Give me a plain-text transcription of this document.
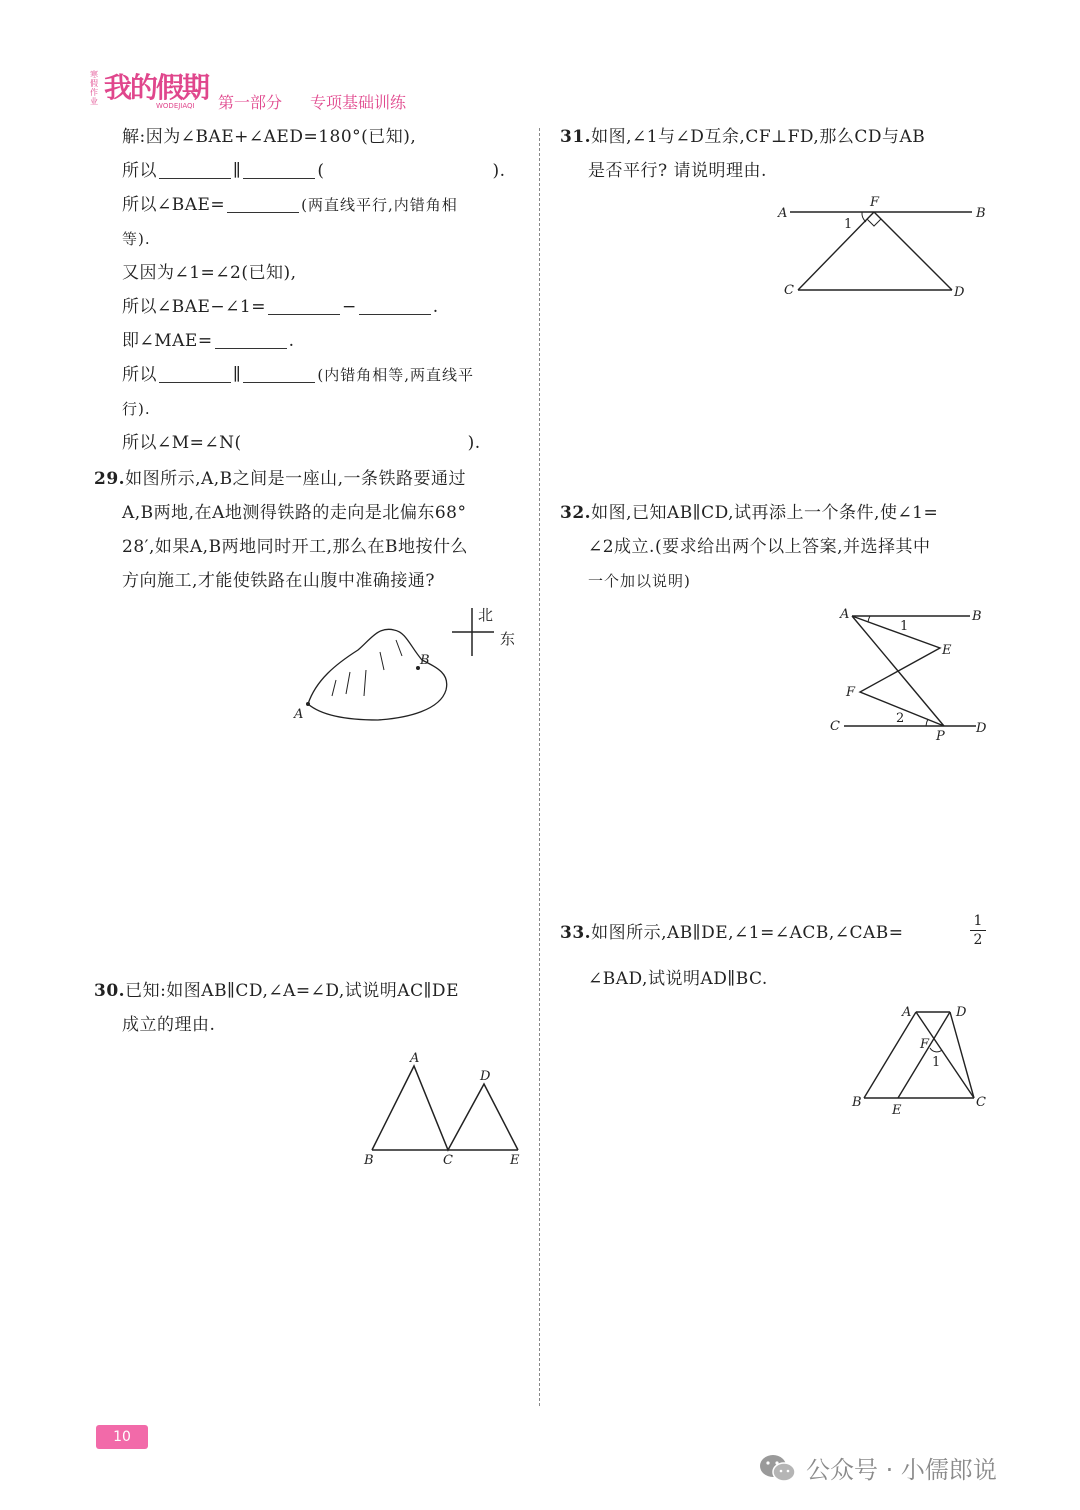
寒假作业 我的假期
WODEJIAQI 第一部分 专项基础训练
解:因为∠BAE+∠AED=180°(已知),
所以	∥	(	).
所以∠BAE=	(两直线平行,内错角相
等).
又因为∠1=∠2(已知),
所以∠BAE−∠1=	−	.
即∠MAE=	.
所以	∥	(内错角相等,两直线平
行).
所以∠M=∠N(	).
29.如图所示,A,B之间是一座山,一条铁路要通过
A,B两地,在A地测得铁路的走向是北偏东68°
28′,如果A,B两地同时开工,那么在B地按什么
方向施工,才能使铁路在山腹中准确接通?
北
东
A
B
30.已知:如图AB∥CD,∠A=∠D,试说明AC∥DE
成立的理由.
A
B	C
D
E
31.如图,∠1与∠D互余,CF⊥FD,那么CD与AB
是否平行? 请说明理由.
A	B
F
1
C	D
32.如图,已知AB∥CD,试再添上一个条件,使∠1=
∠2成立.(要求给出两个以上答案,并选择其中
一个加以说明)
A	B
1
E
F
2
C
P
D
33.如图所示,AB∥DE,∠1=∠ACB,∠CAB=
1
2
∠BAD,试说明AD∥BC.
A	D
F
1
B
E
C
10
公众号 · 小儒郎说
